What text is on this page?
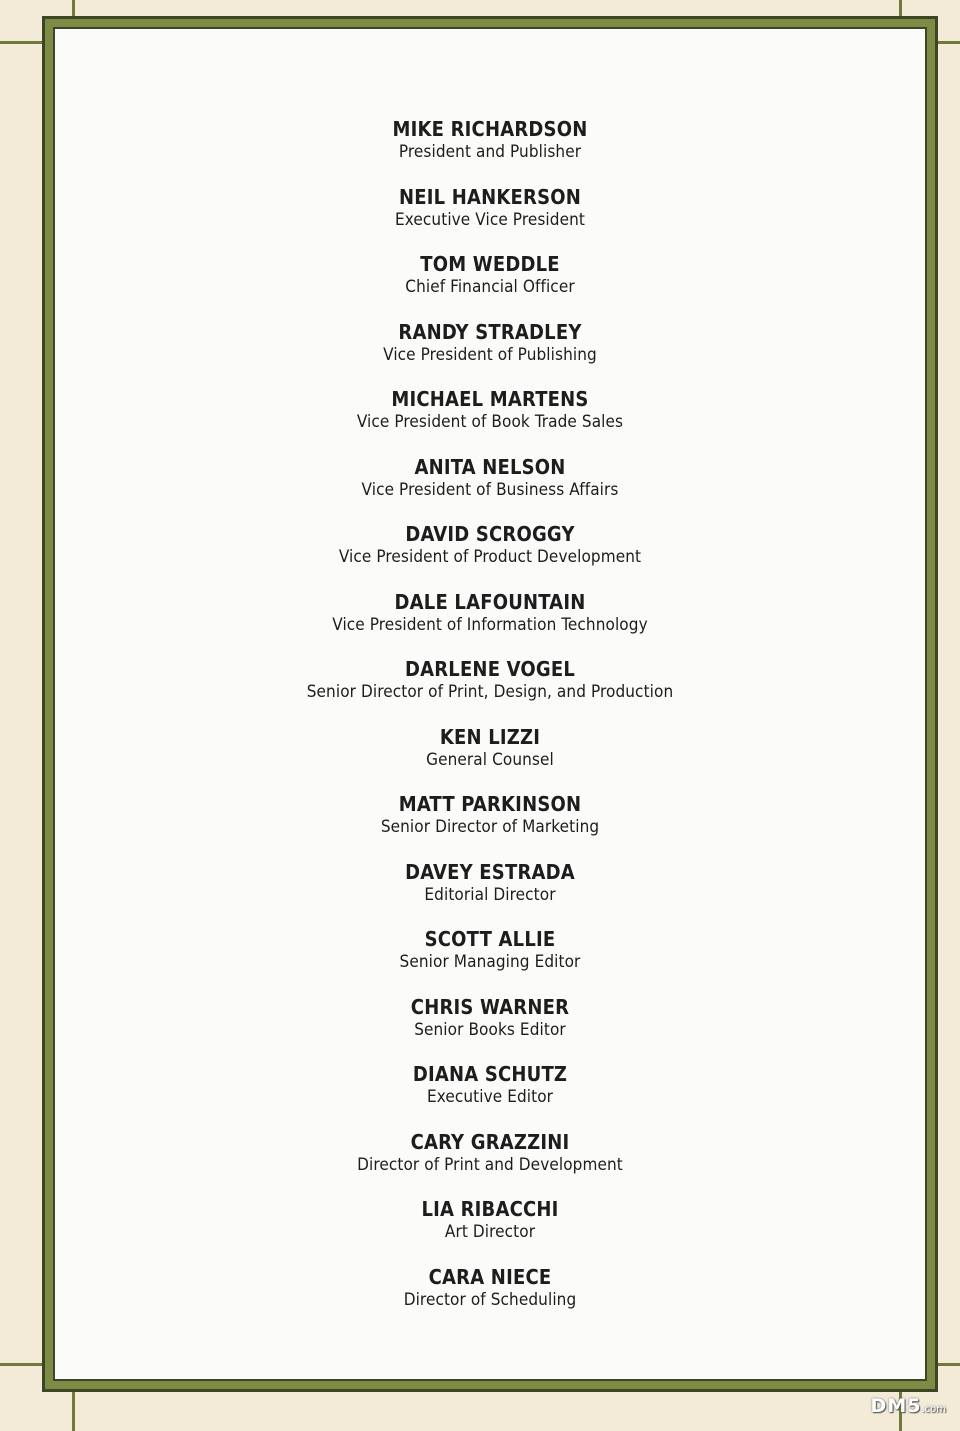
MIKE RICHARDSON
President and Publisher
NEIL HANKERSON
Executive Vice President
TOM WEDDLE
Chief Financial Officer
RANDY STRADLEY
Vice President of Publishing
MICHAEL MARTENS
Vice President of Book Trade Sales
ANITA NELSON
Vice President of Business Affairs
DAVID SCROGGY
Vice President of Product Development
DALE LAFOUNTAIN
Vice President of Information Technology
DARLENE VOGEL
Senior Director of Print, Design, and Production
KEN LIZZI
General Counsel
MATT PARKINSON
Senior Director of Marketing
DAVEY ESTRADA
Editorial Director
SCOTT ALLIE
Senior Managing Editor
CHRIS WARNER
Senior Books Editor
DIANA SCHUTZ
Executive Editor
CARY GRAZZINI
Director of Print and Development
LIA RIBACCHI
Art Director
CARA NIECE
Director of Scheduling
DM5.com
